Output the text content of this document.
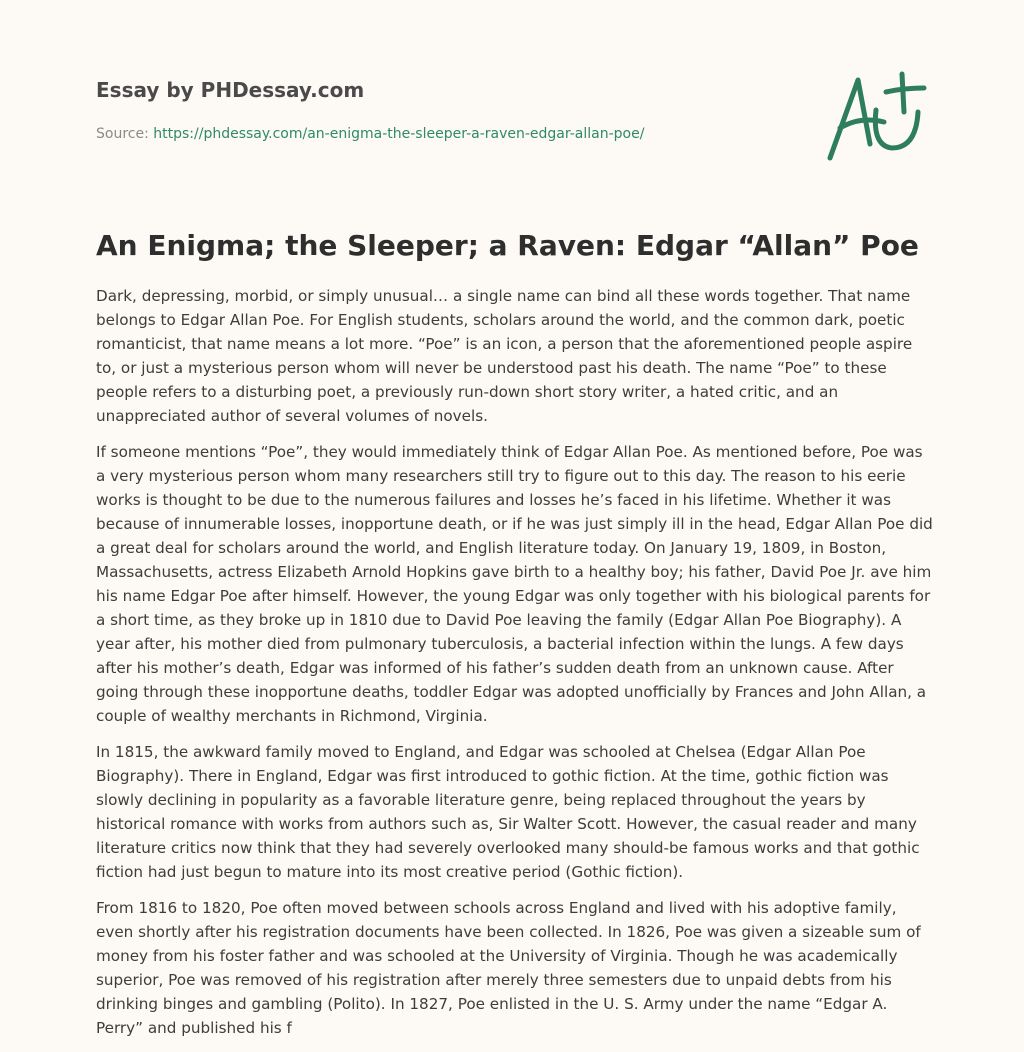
Essay by PHDessay.com
Source: https://phdessay.com/an-enigma-the-sleeper-a-raven-edgar-allan-poe/
An Enigma; the Sleeper; a Raven: Edgar “Allan” Poe

Dark, depressing, morbid, or simply unusual… a single name can bind all these words together. That name belongs to Edgar Allan Poe. For English students, scholars around the world, and the common dark, poetic romanticist, that name means a lot more. “Poe” is an icon, a person that the aforementioned people aspire to, or just a mysterious person whom will never be understood past his death. The name “Poe” to these people refers to a disturbing poet, a previously run-down short story writer, a hated critic, and an unappreciated author of several volumes of novels.

If someone mentions “Poe”, they would immediately think of Edgar Allan Poe. As mentioned before, Poe was a very mysterious person whom many researchers still try to figure out to this day. The reason to his eerie works is thought to be due to the numerous failures and losses he’s faced in his lifetime. Whether it was because of innumerable losses, inopportune death, or if he was just simply ill in the head, Edgar Allan Poe did a great deal for scholars around the world, and English literature today. On January 19, 1809, in Boston, Massachusetts, actress Elizabeth Arnold Hopkins gave birth to a healthy boy; his father, David Poe Jr. ave him his name Edgar Poe after himself. However, the young Edgar was only together with his biological parents for a short time, as they broke up in 1810 due to David Poe leaving the family (Edgar Allan Poe Biography). A year after, his mother died from pulmonary tuberculosis, a bacterial infection within the lungs. A few days after his mother’s death, Edgar was informed of his father’s sudden death from an unknown cause. After going through these inopportune deaths, toddler Edgar was adopted unofficially by Frances and John Allan, a couple of wealthy merchants in Richmond, Virginia.

In 1815, the awkward family moved to England, and Edgar was schooled at Chelsea (Edgar Allan Poe Biography). There in England, Edgar was first introduced to gothic fiction. At the time, gothic fiction was slowly declining in popularity as a favorable literature genre, being replaced throughout the years by historical romance with works from authors such as, Sir Walter Scott. However, the casual reader and many literature critics now think that they had severely overlooked many should-be famous works and that gothic fiction had just begun to mature into its most creative period (Gothic fiction).

From 1816 to 1820, Poe often moved between schools across England and lived with his adoptive family, even shortly after his registration documents have been collected. In 1826, Poe was given a sizeable sum of money from his foster father and was schooled at the University of Virginia. Though he was academically superior, Poe was removed of his registration after merely three semesters due to unpaid debts from his drinking binges and gambling (Polito). In 1827, Poe enlisted in the U. S. Army under the name “Edgar A. Perry” and published his f
